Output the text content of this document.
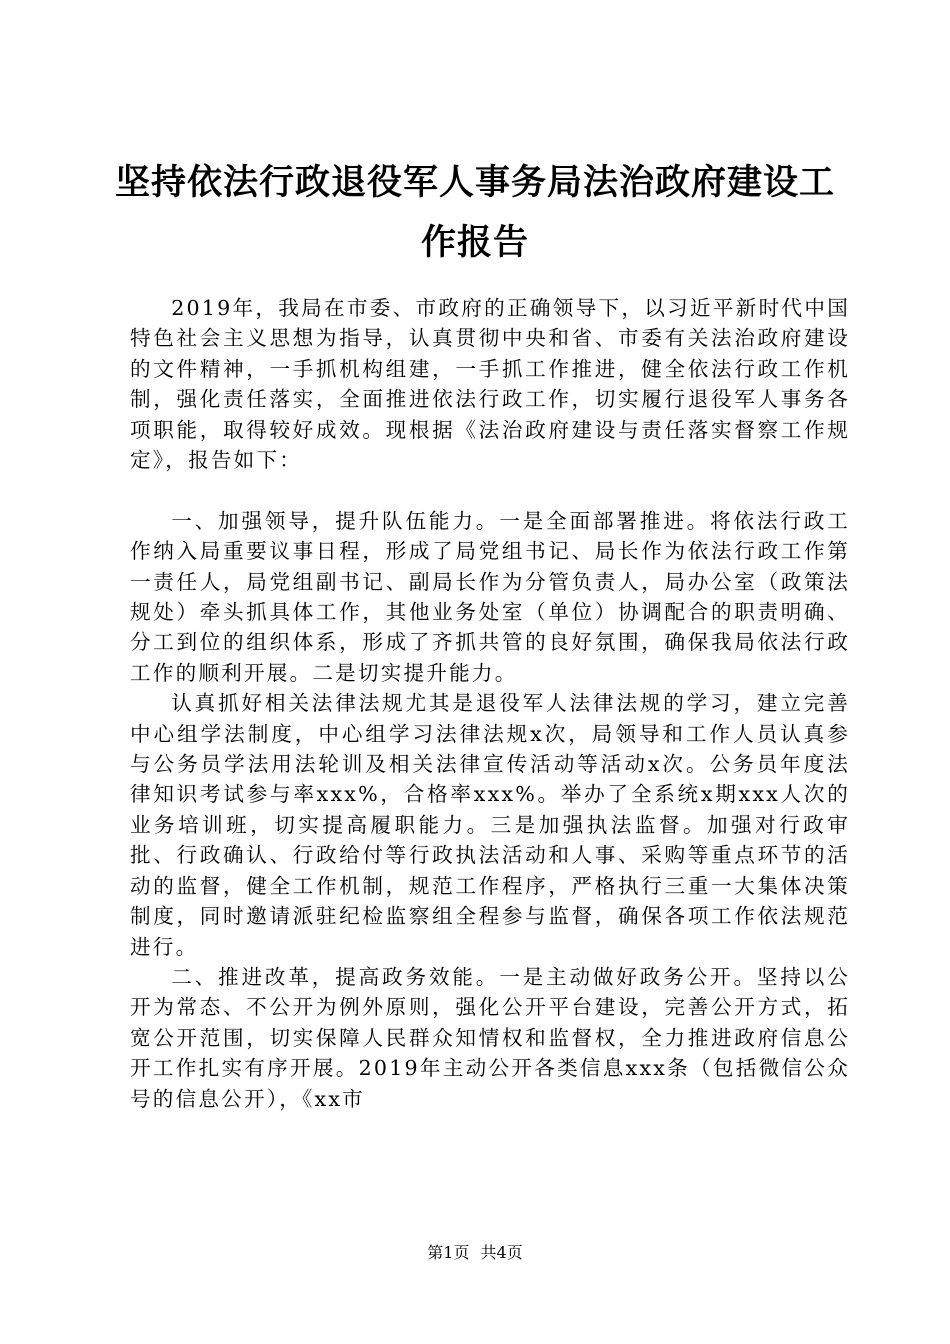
坚持依法行政退役军人事务局法治政府建设工
作报告

2019年，我局在市委、市政府的正确领导下，以习近平新时代中国特色社会主义思想为指导，认真贯彻中央和省、市委有关法治政府建设的文件精神，一手抓机构组建，一手抓工作推进，健全依法行政工作机制，强化责任落实，全面推进依法行政工作，切实履行退役军人事务各项职能，取得较好成效。现根据《法治政府建设与责任落实督察工作规定》，报告如下：

一、加强领导，提升队伍能力。一是全面部署推进。将依法行政工作纳入局重要议事日程，形成了局党组书记、局长作为依法行政工作第一责任人，局党组副书记、副局长作为分管负责人，局办公室（政策法规处）牵头抓具体工作，其他业务处室（单位）协调配合的职责明确、分工到位的组织体系，形成了齐抓共管的良好氛围，确保我局依法行政工作的顺利开展。二是切实提升能力。

认真抓好相关法律法规尤其是退役军人法律法规的学习，建立完善中心组学法制度，中心组学习法律法规x次，局领导和工作人员认真参与公务员学法用法轮训及相关法律宣传活动等活动x次。公务员年度法律知识考试参与率xxx%，合格率xxx%。举办了全系统x期xxx人次的业务培训班，切实提高履职能力。三是加强执法监督。加强对行政审批、行政确认、行政给付等行政执法活动和人事、采购等重点环节的活动的监督，健全工作机制，规范工作程序，严格执行三重一大集体决策制度，同时邀请派驻纪检监察组全程参与监督，确保各项工作依法规范进行。

二、推进改革，提高政务效能。一是主动做好政务公开。坚持以公开为常态、不公开为例外原则，强化公开平台建设，完善公开方式，拓宽公开范围，切实保障人民群众知情权和监督权，全力推进政府信息公开工作扎实有序开展。2019年主动公开各类信息xxx条（包括微信公众号的信息公开），《xx市

第1页 共4页
